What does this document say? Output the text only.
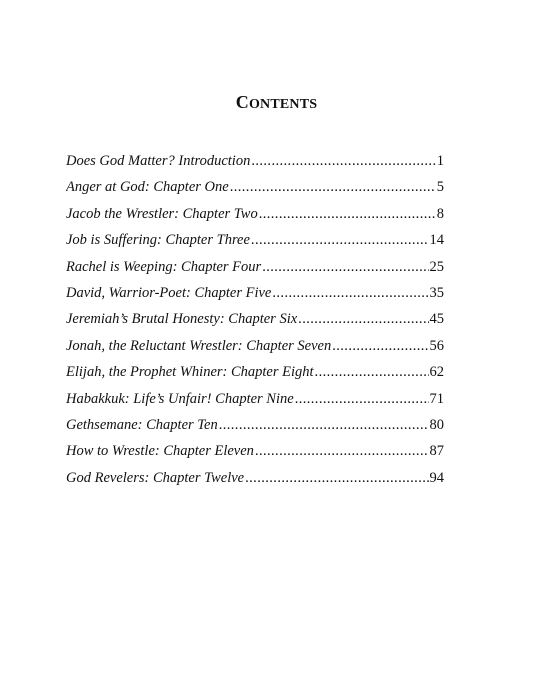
CONTENTS
Does God Matter? Introduction .....	1
Anger at God: Chapter One .....	5
Jacob the Wrestler: Chapter Two .....	8
Job is Suffering: Chapter Three .....	14
Rachel is Weeping: Chapter Four .....	25
David, Warrior-Poet: Chapter Five .....	35
Jeremiah’s Brutal Honesty: Chapter Six .....	45
Jonah, the Reluctant Wrestler: Chapter Seven .....	56
Elijah, the Prophet Whiner: Chapter Eight .....	62
Habakkuk: Life’s Unfair! Chapter Nine .....	71
Gethsemane: Chapter Ten .....	80
How to Wrestle: Chapter Eleven .....	87
God Revelers: Chapter Twelve .....	94
